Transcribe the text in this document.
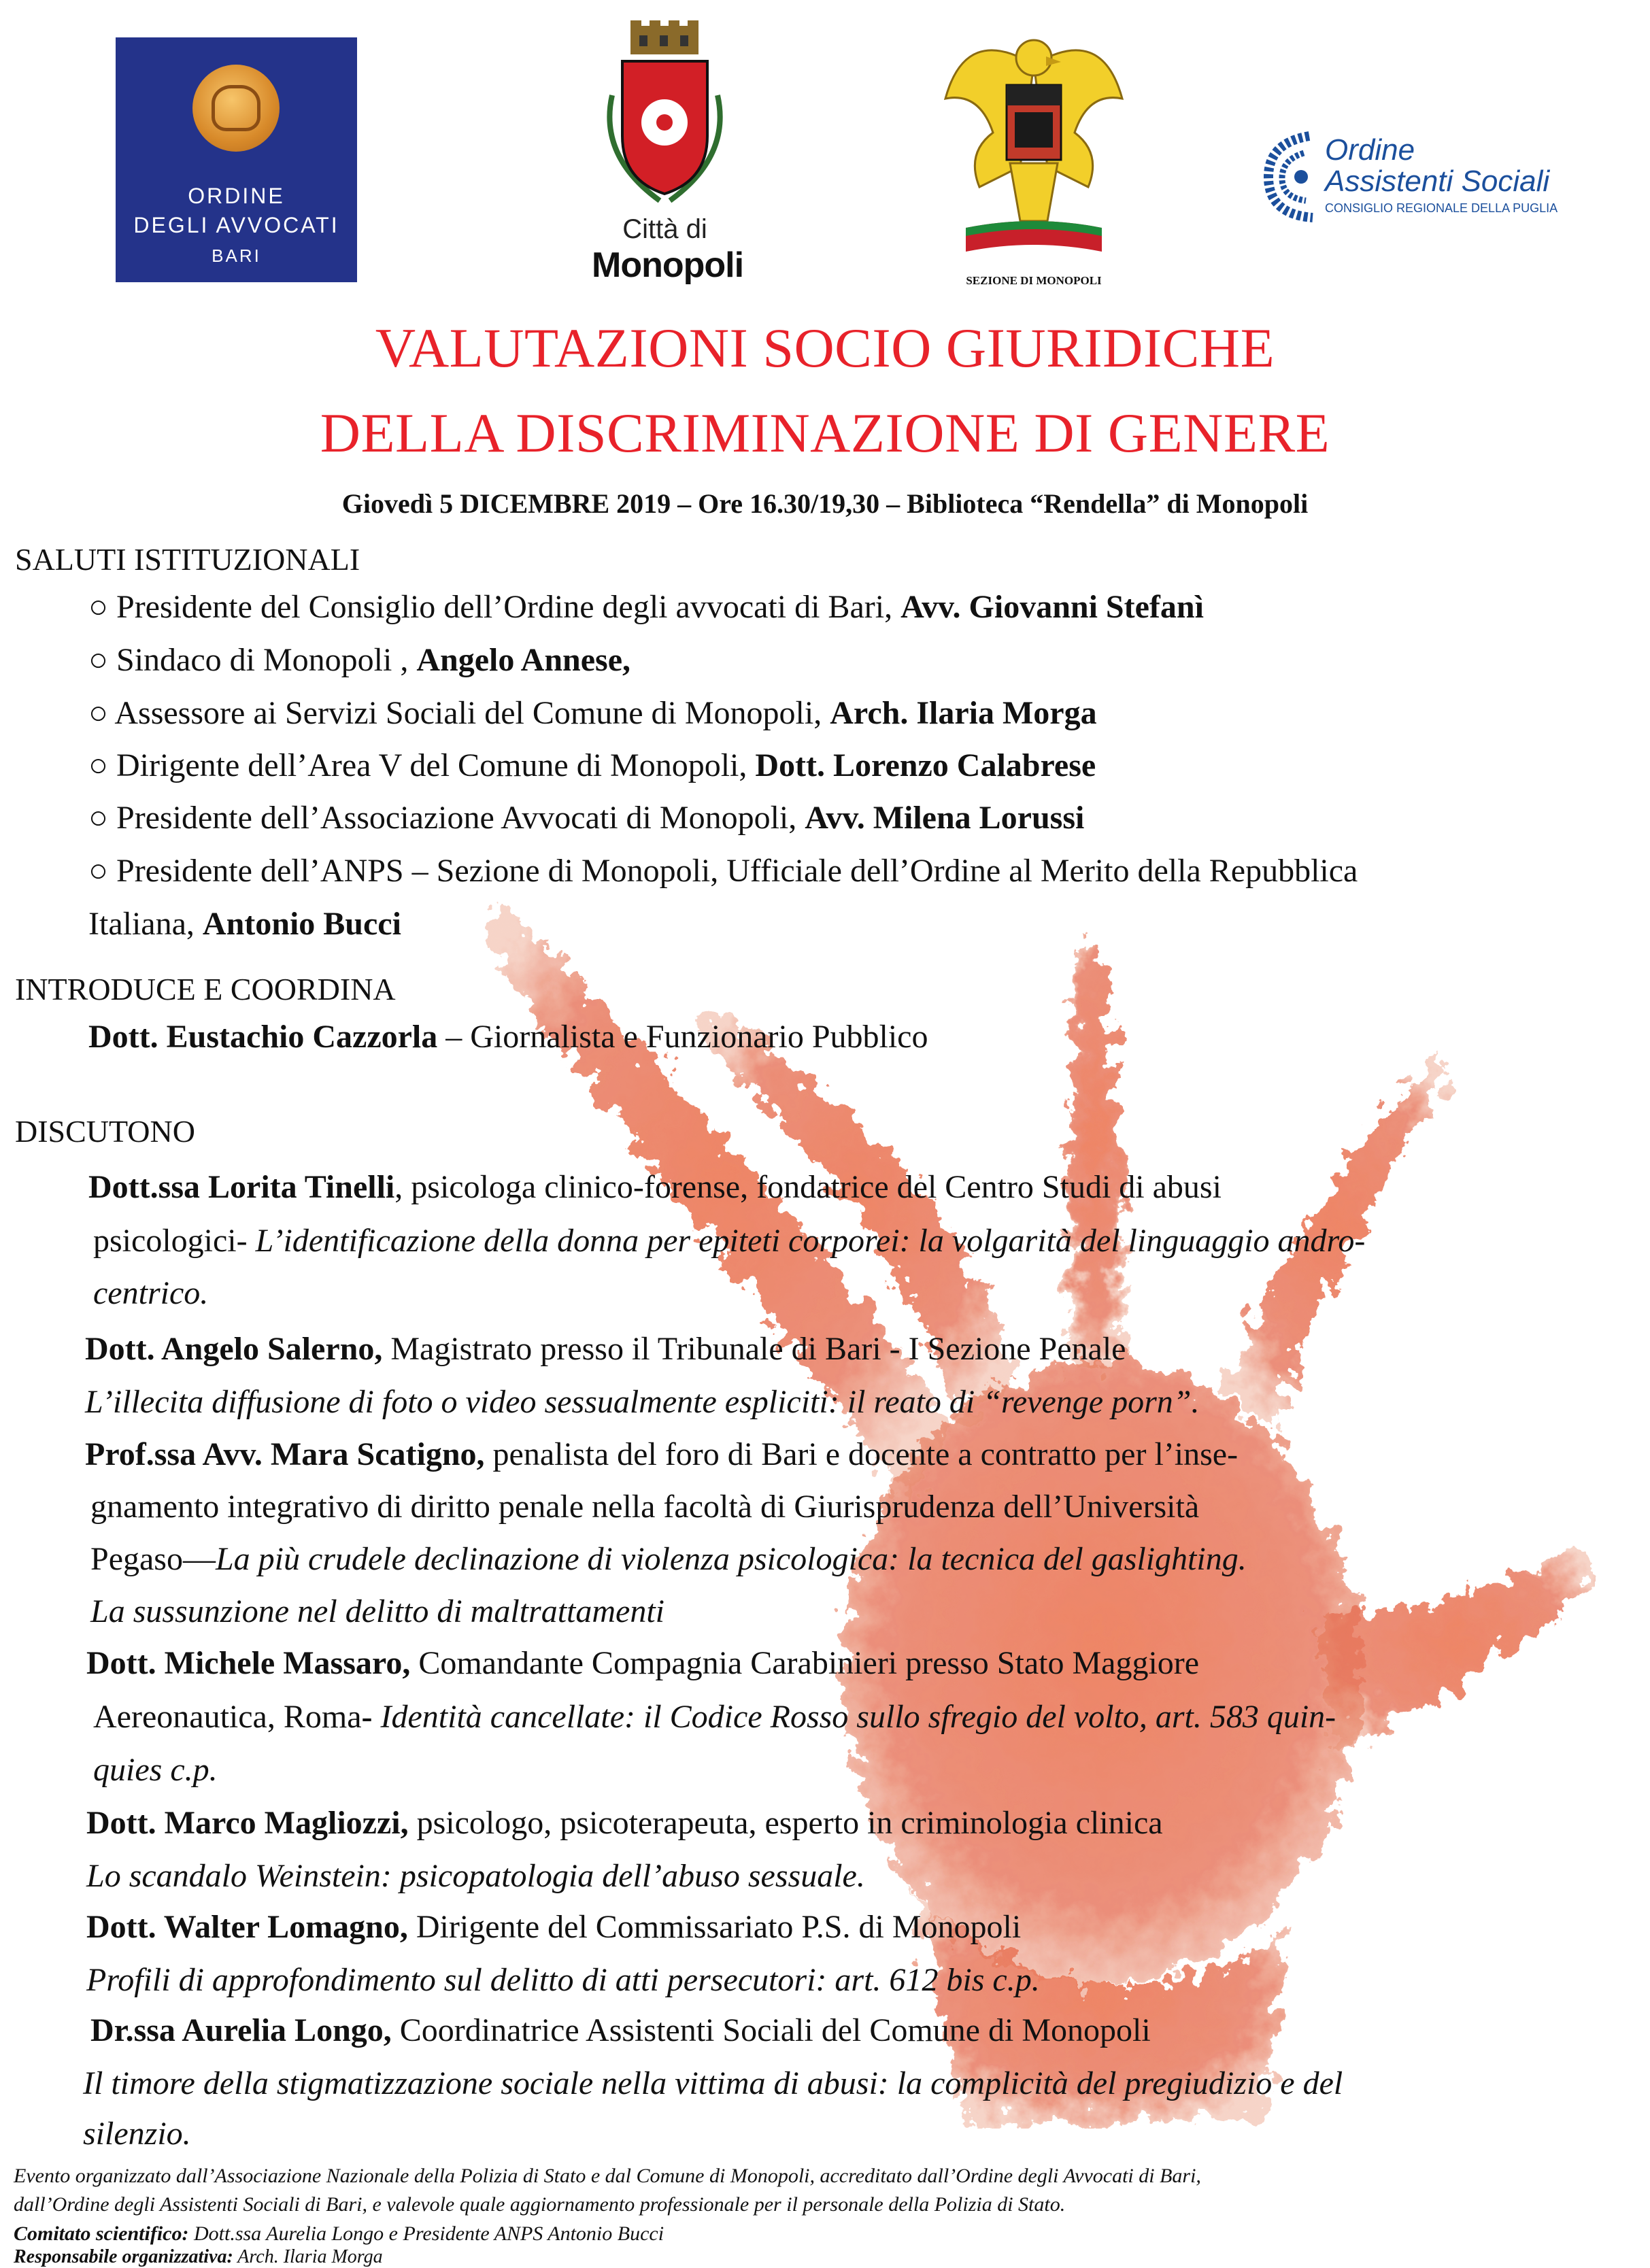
ORDINE
DEGLI AVVOCATI
BARI
Città di
Monopoli	ANPS
SEZIONE DI MONOPOLI
Ordine
Assistenti Sociali
CONSIGLIO REGIONALE DELLA PUGLIA
VALUTAZIONI SOCIO GIURIDICHE
DELLA DISCRIMINAZIONE DI GENERE
Giovedì 5 DICEMBRE 2019 – Ore 16.30/19,30 – Biblioteca “Rendella” di Monopoli
SALUTI ISTITUZIONALI
○ Presidente del Consiglio dell’Ordine degli avvocati di Bari, Avv. Giovanni Stefanì
○ Sindaco di Monopoli , Angelo Annese,
○ Assessore ai Servizi Sociali del Comune di Monopoli, Arch. Ilaria Morga
○ Dirigente dell’Area V del Comune di Monopoli, Dott. Lorenzo Calabrese
○ Presidente dell’Associazione Avvocati di Monopoli, Avv. Milena Lorussi
○ Presidente dell’ANPS – Sezione di Monopoli, Ufficiale dell’Ordine al Merito della Repubblica
Italiana, Antonio Bucci
INTRODUCE E COORDINA
Dott. Eustachio Cazzorla – Giornalista e Funzionario Pubblico
DISCUTONO
Dott.ssa Lorita Tinelli, psicologa clinico-forense, fondatrice del Centro Studi di abusi
psicologici- L’identificazione della donna per epiteti corporei: la volgarità del linguaggio andro-
centrico.
Dott. Angelo Salerno, Magistrato presso il Tribunale di Bari - I Sezione Penale
L’illecita diffusione di foto o video sessualmente espliciti: il reato di “revenge porn”.
Prof.ssa Avv. Mara Scatigno, penalista del foro di Bari e docente a contratto per l’inse-
gnamento integrativo di diritto penale nella facoltà di Giurisprudenza dell’Università
Pegaso—La più crudele declinazione di violenza psicologica: la tecnica del gaslighting.
La sussunzione nel delitto di maltrattamenti
Dott. Michele Massaro, Comandante Compagnia Carabinieri presso Stato Maggiore
Aereonautica, Roma- Identità cancellate: il Codice Rosso sullo sfregio del volto, art. 583 quin-
quies c.p.
Dott. Marco Magliozzi, psicologo, psicoterapeuta, esperto in criminologia clinica
Lo scandalo Weinstein: psicopatologia dell’abuso sessuale.
Dott. Walter Lomagno, Dirigente del Commissariato P.S. di Monopoli
Profili di approfondimento sul delitto di atti persecutori: art. 612 bis c.p.
Dr.ssa Aurelia Longo, Coordinatrice Assistenti Sociali del Comune di Monopoli
Il timore della stigmatizzazione sociale nella vittima di abusi: la complicità del pregiudizio e del
silenzio.
Evento organizzato dall’Associazione Nazionale della Polizia di Stato e dal Comune di Monopoli, accreditato dall’Ordine degli Avvocati di Bari,
dall’Ordine degli Assistenti Sociali di Bari, e valevole quale aggiornamento professionale per il personale della Polizia di Stato.
Comitato scientifico: Dott.ssa Aurelia Longo e Presidente ANPS Antonio Bucci
Responsabile organizzativa: Arch. Ilaria Morga
